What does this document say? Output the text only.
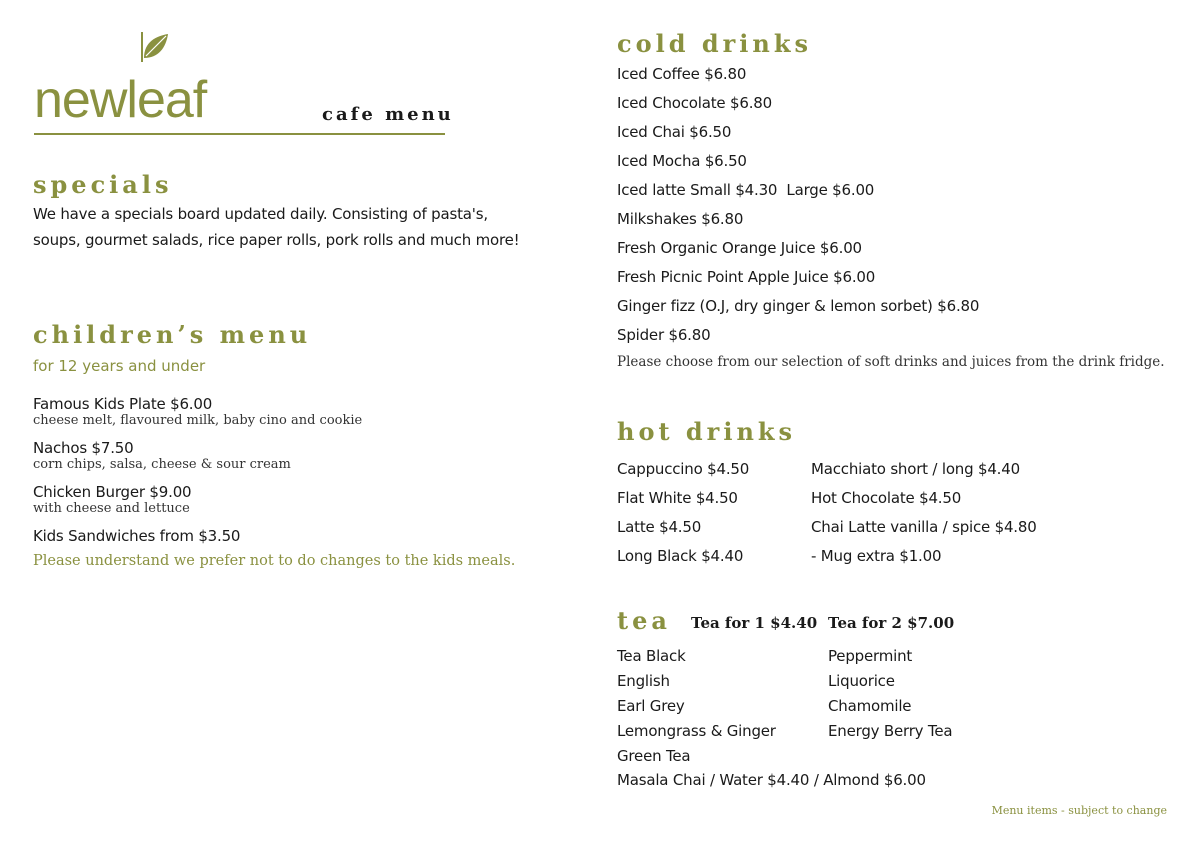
newleaf	cafe menu
specials
We have a specials board updated daily. Consisting of pasta's,
soups, gourmet salads, rice paper rolls, pork rolls and much more!
children’s menu
for 12 years and under
Famous Kids Plate $6.00
cheese melt, flavoured milk, baby cino and cookie
Nachos $7.50
corn chips, salsa, cheese & sour cream
Chicken Burger $9.00
with cheese and lettuce
Kids Sandwiches from $3.50
Please understand we prefer not to do changes to the kids meals.
cold drinks
Iced Coffee $6.80
Iced Chocolate $6.80
Iced Chai $6.50
Iced Mocha $6.50
Iced latte Small $4.30  Large $6.00
Milkshakes $6.80
Fresh Organic Orange Juice $6.00
Fresh Picnic Point Apple Juice $6.00
Ginger fizz (O.J, dry ginger & lemon sorbet) $6.80
Spider $6.80
Please choose from our selection of soft drinks and juices from the drink fridge.
hot drinks
Cappuccino $4.50
Flat White $4.50
Latte $4.50
Long Black $4.40
Macchiato short / long $4.40
Hot Chocolate $4.50
Chai Latte vanilla / spice $4.80
- Mug extra $1.00
tea Tea for 1 $4.40 Tea for 2 $7.00
Tea Black
English
Earl Grey
Lemongrass & Ginger
Green Tea
Peppermint
Liquorice
Chamomile
Energy Berry Tea
Masala Chai / Water $4.40 / Almond $6.00
Menu items - subject to change
